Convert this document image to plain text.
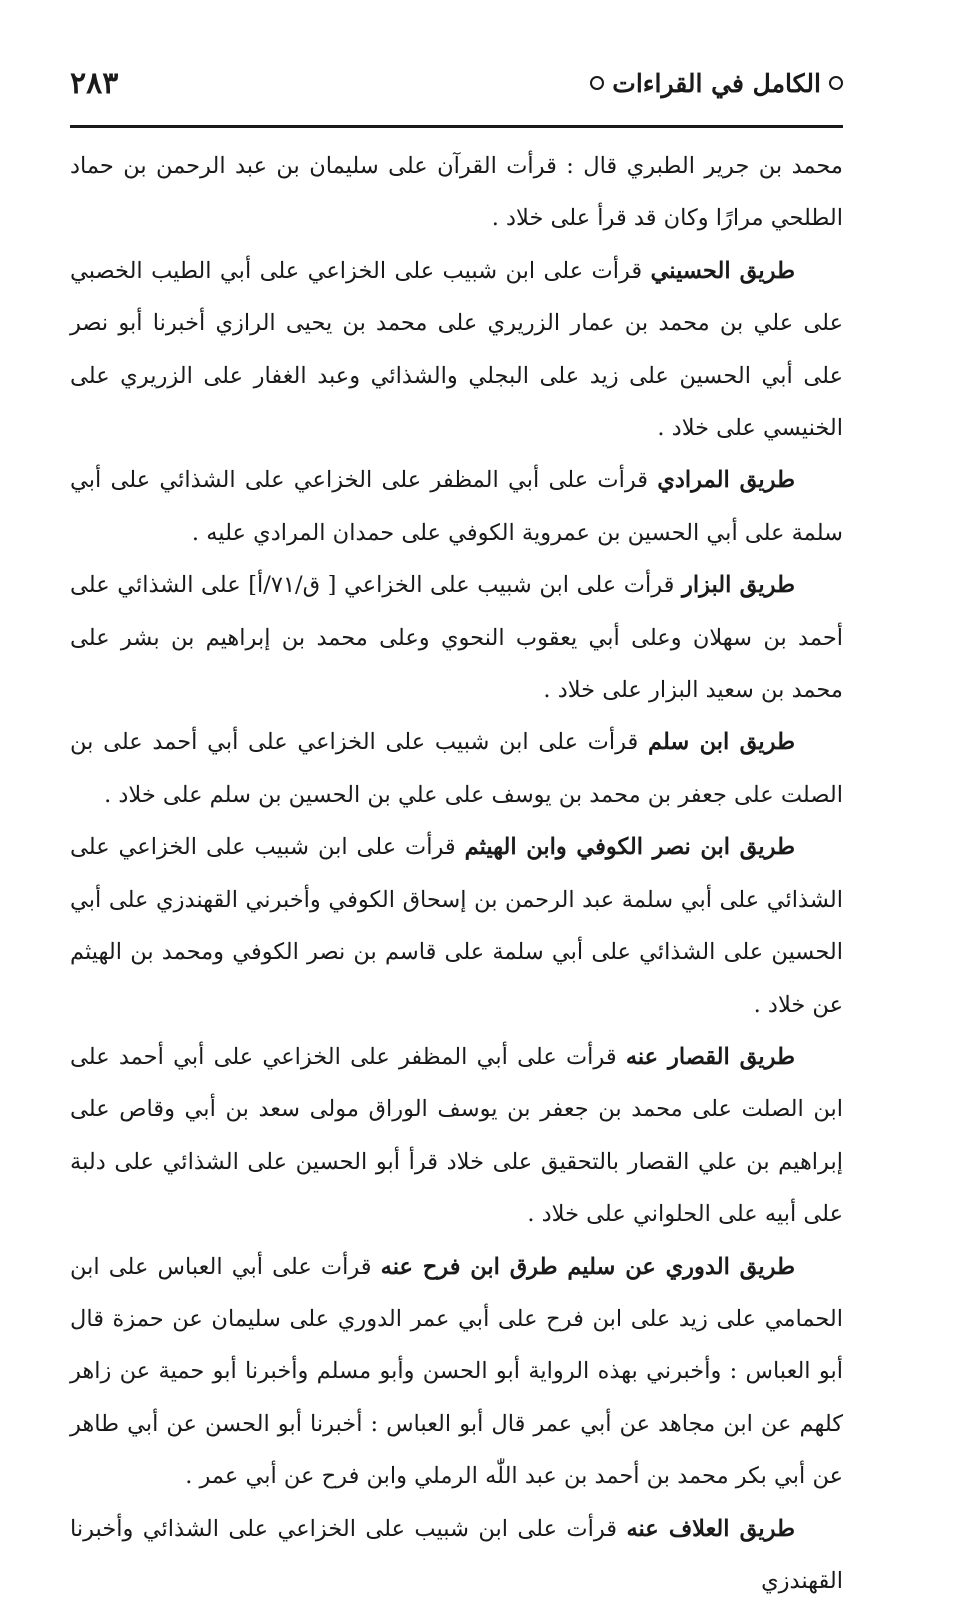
الكامل في القراءات
٢٨٣

محمد بن جرير الطبري قال : قرأت القرآن على سليمان بن عبد الرحمن بن حماد الطلحي مرارًا وكان قد قرأ على خلاد .

طريق الحسيني قرأت على ابن شبيب على الخزاعي على أبي الطيب الخصبي على علي بن محمد بن عمار الزريري على محمد بن يحيى الرازي أخبرنا أبو نصر على أبي الحسين على زيد على البجلي والشذائي وعبد الغفار على الزريري على الخنيسي على خلاد .

طريق المرادي قرأت على أبي المظفر على الخزاعي على الشذائي على أبي سلمة على أبي الحسين بن عمروية الكوفي على حمدان المرادي عليه .

طريق البزار قرأت على ابن شبيب على الخزاعي [ ق/٧١/أ] على الشذائي على أحمد بن سهلان وعلى أبي يعقوب النحوي وعلى محمد بن إبراهيم بن بشر على محمد بن سعيد البزار على خلاد .

طريق ابن سلم قرأت على ابن شبيب على الخزاعي على أبي أحمد على بن الصلت على جعفر بن محمد بن يوسف على علي بن الحسين بن سلم على خلاد .

طريق ابن نصر الكوفي وابن الهيثم قرأت على ابن شبيب على الخزاعي على الشذائي على أبي سلمة عبد الرحمن بن إسحاق الكوفي وأخبرني القهندزي على أبي الحسين على الشذائي على أبي سلمة على قاسم بن نصر الكوفي ومحمد بن الهيثم عن خلاد .

طريق القصار عنه قرأت على أبي المظفر على الخزاعي على أبي أحمد على ابن الصلت على محمد بن جعفر بن يوسف الوراق مولى سعد بن أبي وقاص على إبراهيم بن علي القصار بالتحقيق على خلاد قرأ أبو الحسين على الشذائي على دلبة على أبيه على الحلواني على خلاد .

طريق الدوري عن سليم طرق ابن فرح عنه قرأت على أبي العباس على ابن الحمامي على زيد على ابن فرح على أبي عمر الدوري على سليمان عن حمزة قال أبو العباس : وأخبرني بهذه الرواية أبو الحسن وأبو مسلم وأخبرنا أبو حمية عن زاهر كلهم عن ابن مجاهد عن أبي عمر قال أبو العباس : أخبرنا أبو الحسن عن أبي طاهر عن أبي بكر محمد بن أحمد بن عبد اللّٰه الرملي وابن فرح عن أبي عمر .

طريق العلاف عنه قرأت على ابن شبيب على الخزاعي على الشذائي وأخبرنا القهندزي
